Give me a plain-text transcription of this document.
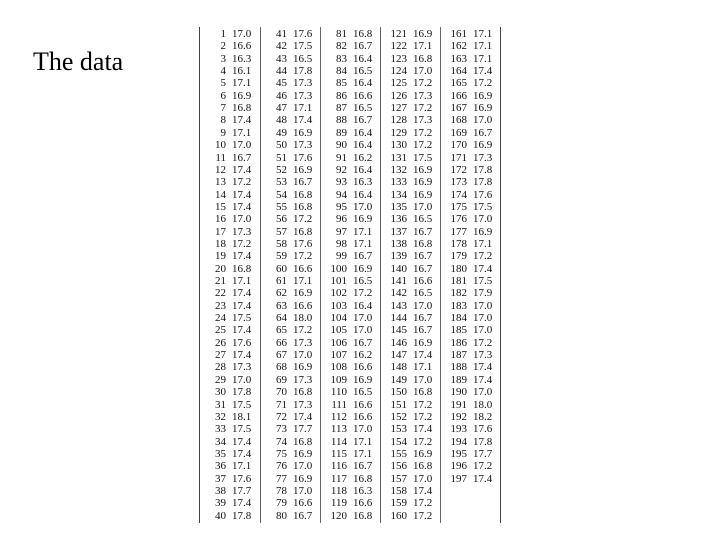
The data
1 17.0
2 16.6
3 16.3
4 16.1
5 17.1
6 16.9
7 16.8
8 17.4
9 17.1
10 17.0
11 16.7
12 17.4
13 17.2
14 17.4
15 17.4
16 17.0
17 17.3
18 17.2
19 17.4
20 16.8
21 17.1
22 17.4
23 17.4
24 17.5
25 17.4
26 17.6
27 17.4
28 17.3
29 17.0
30 17.8
31 17.5
32 18.1
33 17.5
34 17.4
35 17.4
36 17.1
37 17.6
38 17.7
39 17.4
40 17.8
41 17.6
42 17.5
43 16.5
44 17.8
45 17.3
46 17.3
47 17.1
48 17.4
49 16.9
50 17.3
51 17.6
52 16.9
53 16.7
54 16.8
55 16.8
56 17.2
57 16.8
58 17.6
59 17.2
60 16.6
61 17.1
62 16.9
63 16.6
64 18.0
65 17.2
66 17.3
67 17.0
68 16.9
69 17.3
70 16.8
71 17.3
72 17.4
73 17.7
74 16.8
75 16.9
76 17.0
77 16.9
78 17.0
79 16.6
80 16.7
81 16.8
82 16.7
83 16.4
84 16.5
85 16.4
86 16.6
87 16.5
88 16.7
89 16.4
90 16.4
91 16.2
92 16.4
93 16.3
94 16.4
95 17.0
96 16.9
97 17.1
98 17.1
99 16.7
100 16.9
101 16.5
102 17.2
103 16.4
104 17.0
105 17.0
106 16.7
107 16.2
108 16.6
109 16.9
110 16.5
111 16.6
112 16.6
113 17.0
114 17.1
115 17.1
116 16.7
117 16.8
118 16.3
119 16.6
120 16.8
121 16.9
122 17.1
123 16.8
124 17.0
125 17.2
126 17.3
127 17.2
128 17.3
129 17.2
130 17.2
131 17.5
132 16.9
133 16.9
134 16.9
135 17.0
136 16.5
137 16.7
138 16.8
139 16.7
140 16.7
141 16.6
142 16.5
143 17.0
144 16.7
145 16.7
146 16.9
147 17.4
148 17.1
149 17.0
150 16.8
151 17.2
152 17.2
153 17.4
154 17.2
155 16.9
156 16.8
157 17.0
158 17.4
159 17.2
160 17.2
161 17.1
162 17.1
163 17.1
164 17.4
165 17.2
166 16.9
167 16.9
168 17.0
169 16.7
170 16.9
171 17.3
172 17.8
173 17.8
174 17.6
175 17.5
176 17.0
177 16.9
178 17.1
179 17.2
180 17.4
181 17.5
182 17.9
183 17.0
184 17.0
185 17.0
186 17.2
187 17.3
188 17.4
189 17.4
190 17.0
191 18.0
192 18.2
193 17.6
194 17.8
195 17.7
196 17.2
197 17.4
